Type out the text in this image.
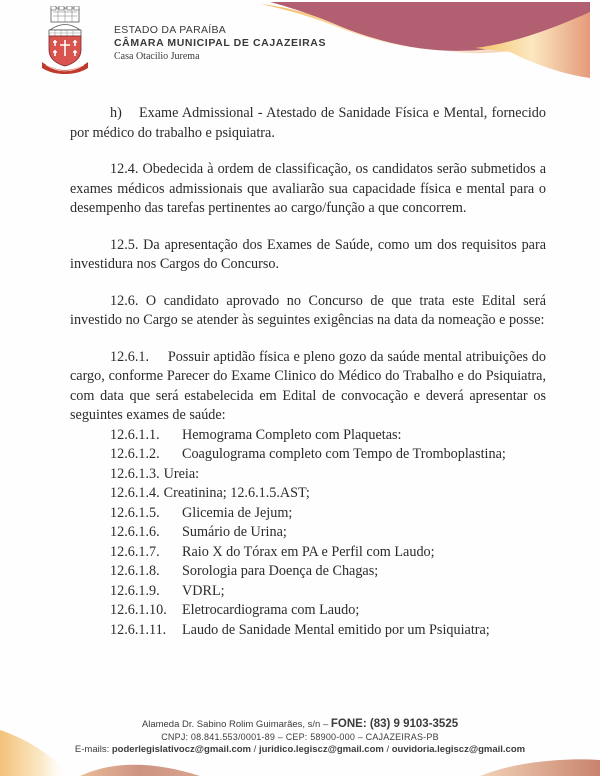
ESTADO DA PARAÍBA
CÂMARA MUNICIPAL DE CAJAZEIRAS
Casa Otacilio Jurema

h)    Exame Admissional - Atestado de Sanidade Física e Mental, fornecido por médico do trabalho e psiquiatra.

12.4. Obedecida à ordem de classificação, os candidatos serão submetidos a exames médicos admissionais que avaliarão sua capacidade física e mental para o desempenho das tarefas pertinentes ao cargo/função a que concorrem.

12.5. Da apresentação dos Exames de Saúde, como um dos requisitos para investidura nos Cargos do Concurso.

12.6. O candidato aprovado no Concurso de que trata este Edital será investido no Cargo se atender às seguintes exigências na data da nomeação e posse:

12.6.1.     Possuir aptidão física e pleno gozo da saúde mental atribuições do cargo, conforme Parecer do Exame Clinico do Médico do Trabalho e do Psiquiatra, com data que será estabelecida em Edital de convocação e deverá apresentar os seguintes exames de saúde:

12.6.1.1.	Hemograma Completo com Plaquetas:
12.6.1.2.	Coagulograma completo com Tempo de Tromboplastina;
12.6.1.3. Ureia:
12.6.1.4. Creatinina; 12.6.1.5.AST;
12.6.1.5.	Glicemia de Jejum;
12.6.1.6.	Sumário de Urina;
12.6.1.7.	Raio X do Tórax em PA e Perfil com Laudo;
12.6.1.8.	Sorologia para Doença de Chagas;
12.6.1.9.	VDRL;
12.6.1.10.	Eletrocardiograma com Laudo;
12.6.1.11.	Laudo de Sanidade Mental emitido por um Psiquiatra;
Alameda Dr. Sabino Rolim Guimarães, s/n – FONE: (83) 9 9103-3525
CNPJ: 08.841.553/0001-89 – CEP: 58900-000 – CAJAZEIRAS-PB
E-mails: poderlegislativocz@gmail.com / juridico.legiscz@gmail.com / ouvidoria.legiscz@gmail.com
